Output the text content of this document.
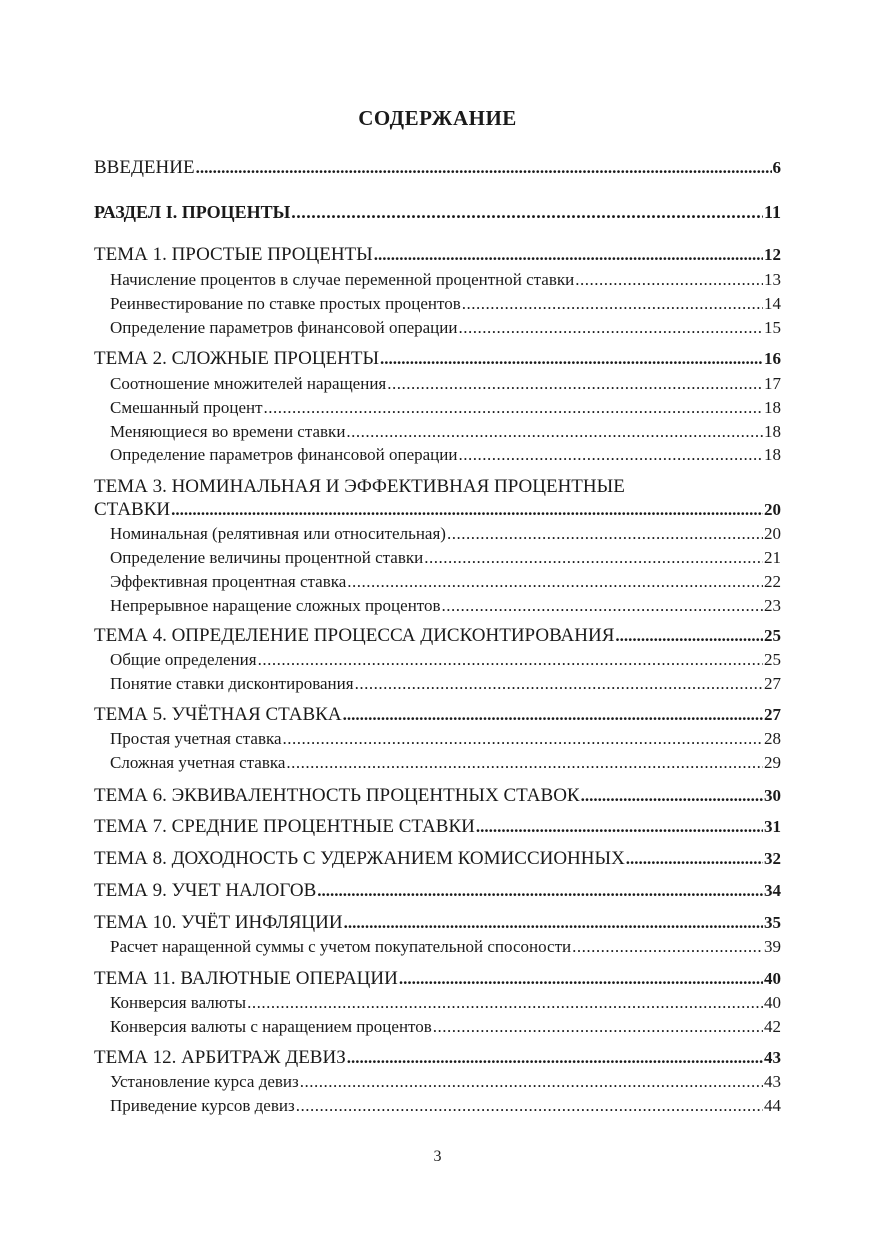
СОДЕРЖАНИЕ
ВВЕДЕНИЕ .....	6
РАЗДЕЛ I. ПРОЦЕНТЫ .....	11
ТЕМА 1. ПРОСТЫЕ ПРОЦЕНТЫ .....	12
Начисление процентов в случае переменной процентной ставки .....	13
Реинвестирование по ставке простых процентов .....	14
Определение параметров финансовой операции .....	15
ТЕМА 2. СЛОЖНЫЕ ПРОЦЕНТЫ .....	16
Соотношение множителей наращения .....	17
Смешанный процент .....	18
Меняющиеся во времени ставки .....	18
Определение параметров финансовой операции .....	18
ТЕМА 3. НОМИНАЛЬНАЯ И ЭФФЕКТИВНАЯ ПРОЦЕНТНЫЕ
СТАВКИ .....	20
Номинальная (релятивная или относительная) .....	20
Определение величины процентной ставки .....	21
Эффективная процентная ставка .....	22
Непрерывное наращение сложных процентов .....	23
ТЕМА 4. ОПРЕДЕЛЕНИЕ ПРОЦЕССА ДИСКОНТИРОВАНИЯ .....	25
Общие определения .....	25
Понятие ставки дисконтирования .....	27
ТЕМА 5. УЧЁТНАЯ СТАВКА .....	27
Простая учетная ставка .....	28
Сложная учетная ставка .....	29
ТЕМА 6. ЭКВИВАЛЕНТНОСТЬ ПРОЦЕНТНЫХ СТАВОК .....	30
ТЕМА 7. СРЕДНИЕ ПРОЦЕНТНЫЕ СТАВКИ .....	31
ТЕМА 8. ДОХОДНОСТЬ С УДЕРЖАНИЕМ КОМИССИОННЫХ .....	32
ТЕМА 9. УЧЕТ НАЛОГОВ .....	34
ТЕМА 10. УЧЁТ ИНФЛЯЦИИ .....	35
Расчет наращенной суммы с учетом покупательной спосоности .....	39
ТЕМА 11. ВАЛЮТНЫЕ ОПЕРАЦИИ .....	40
Конверсия валюты .....	40
Конверсия валюты с наращением процентов .....	42
ТЕМА 12. АРБИТРАЖ ДЕВИЗ .....	43
Установление курса девиз .....	43
Приведение курсов девиз .....	44
3
